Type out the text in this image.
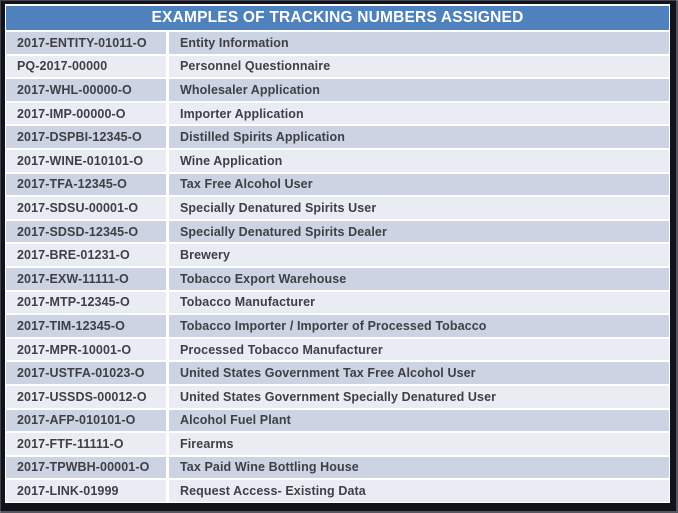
EXAMPLES OF TRACKING NUMBERS ASSIGNED
2017-ENTITY-01011-O	Entity Information
PQ-2017-00000	Personnel Questionnaire
2017-WHL-00000-O	Wholesaler Application
2017-IMP-00000-O	Importer Application
2017-DSPBI-12345-O	Distilled Spirits Application
2017-WINE-010101-O	Wine Application
2017-TFA-12345-O	Tax Free Alcohol User
2017-SDSU-00001-O	Specially Denatured Spirits User
2017-SDSD-12345-O	Specially Denatured Spirits Dealer
2017-BRE-01231-O	Brewery
2017-EXW-11111-O	Tobacco Export Warehouse
2017-MTP-12345-O	Tobacco Manufacturer
2017-TIM-12345-O	Tobacco Importer / Importer of Processed Tobacco
2017-MPR-10001-O	Processed Tobacco Manufacturer
2017-USTFA-01023-O	United States Government Tax Free Alcohol User
2017-USSDS-00012-O	United States Government Specially Denatured User
2017-AFP-010101-O	Alcohol Fuel Plant
2017-FTF-11111-O	Firearms
2017-TPWBH-00001-O	Tax Paid Wine Bottling House
2017-LINK-01999	Request Access- Existing Data
